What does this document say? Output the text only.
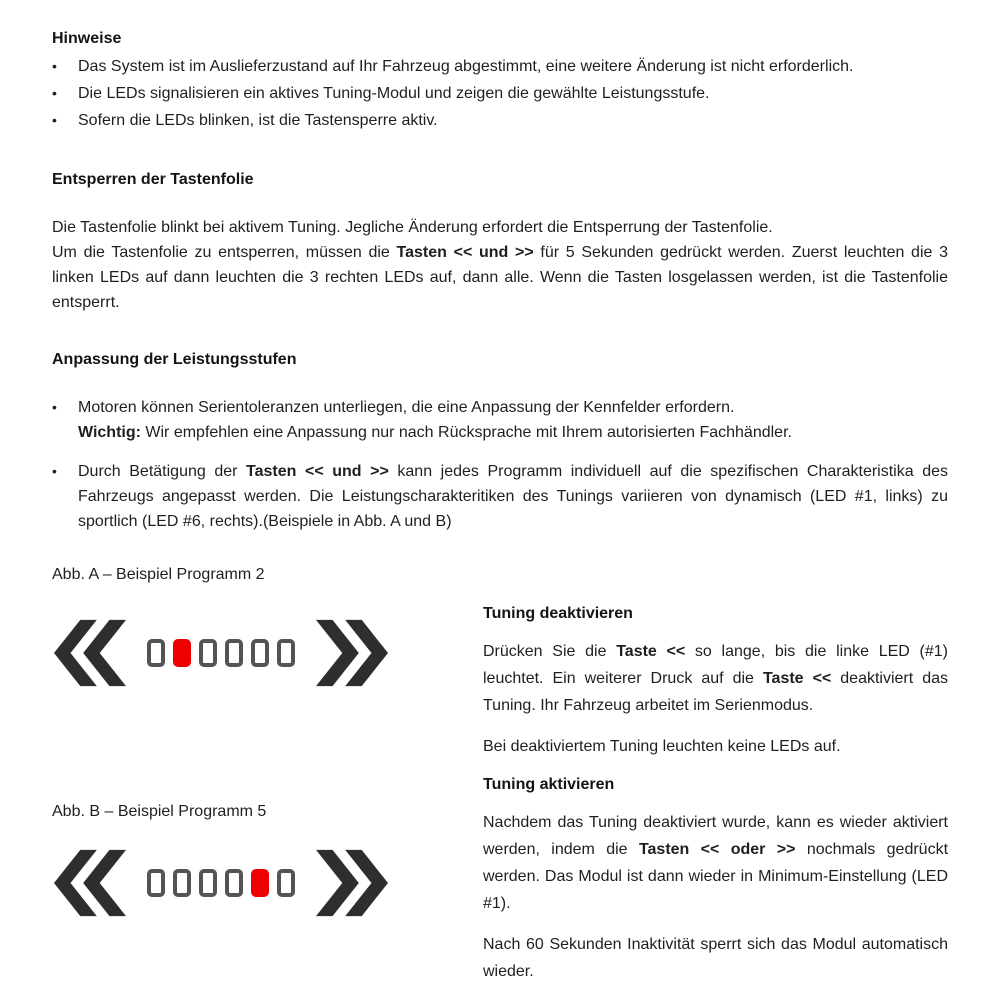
Hinweise
•	Das System ist im Auslieferzustand auf Ihr Fahrzeug abgestimmt, eine weitere Änderung ist nicht erforderlich.
•	Die LEDs signalisieren ein aktives Tuning-Modul und zeigen die gewählte Leistungsstufe.
•	Sofern die LEDs blinken, ist die Tastensperre aktiv.
Entsperren der Tastenfolie

Die Tastenfolie blinkt bei aktivem Tuning. Jegliche Änderung erfordert die Entsperrung der Tastenfolie.

Um die Tastenfolie zu entsperren, müssen die Tasten << und >> für 5 Sekunden gedrückt werden. Zuerst leuchten die 3 linken LEDs auf dann leuchten die 3 rechten LEDs auf, dann alle. Wenn die Tasten losgelassen werden, ist die Tastenfolie entsperrt.

Anpassung der Leistungsstufen
•	Motoren können Serientoleranzen unterliegen, die eine Anpassung der Kennfelder erfordern.
Wichtig: Wir empfehlen eine Anpassung nur nach Rücksprache mit Ihrem autorisierten Fachhändler.
•	Durch Betätigung der Tasten << und >> kann jedes Programm individuell auf die spezifischen Charakteristika des Fahrzeugs angepasst werden. Die Leistungscharakteritiken des Tunings variieren von dynamisch (LED #1, links) zu sportlich (LED #6, rechts).(Beispiele in Abb. A und B)

Abb. A – Beispiel Programm 2

Abb. B – Beispiel Programm 5

Tuning deaktivieren

Drücken Sie die Taste << so lange, bis die linke LED (#1) leuchtet. Ein weiterer Druck auf die Taste << deaktiviert das Tuning. Ihr Fahrzeug arbeitet im Serienmodus.

Bei deaktiviertem Tuning leuchten keine LEDs auf.

Tuning aktivieren

Nachdem das Tuning deaktiviert wurde, kann es wieder aktiviert werden, indem die Tasten << oder >> nochmals gedrückt werden. Das Modul ist dann wieder in Minimum-Einstellung (LED #1).

Nach 60 Sekunden Inaktivität sperrt sich das Modul automatisch wieder.
